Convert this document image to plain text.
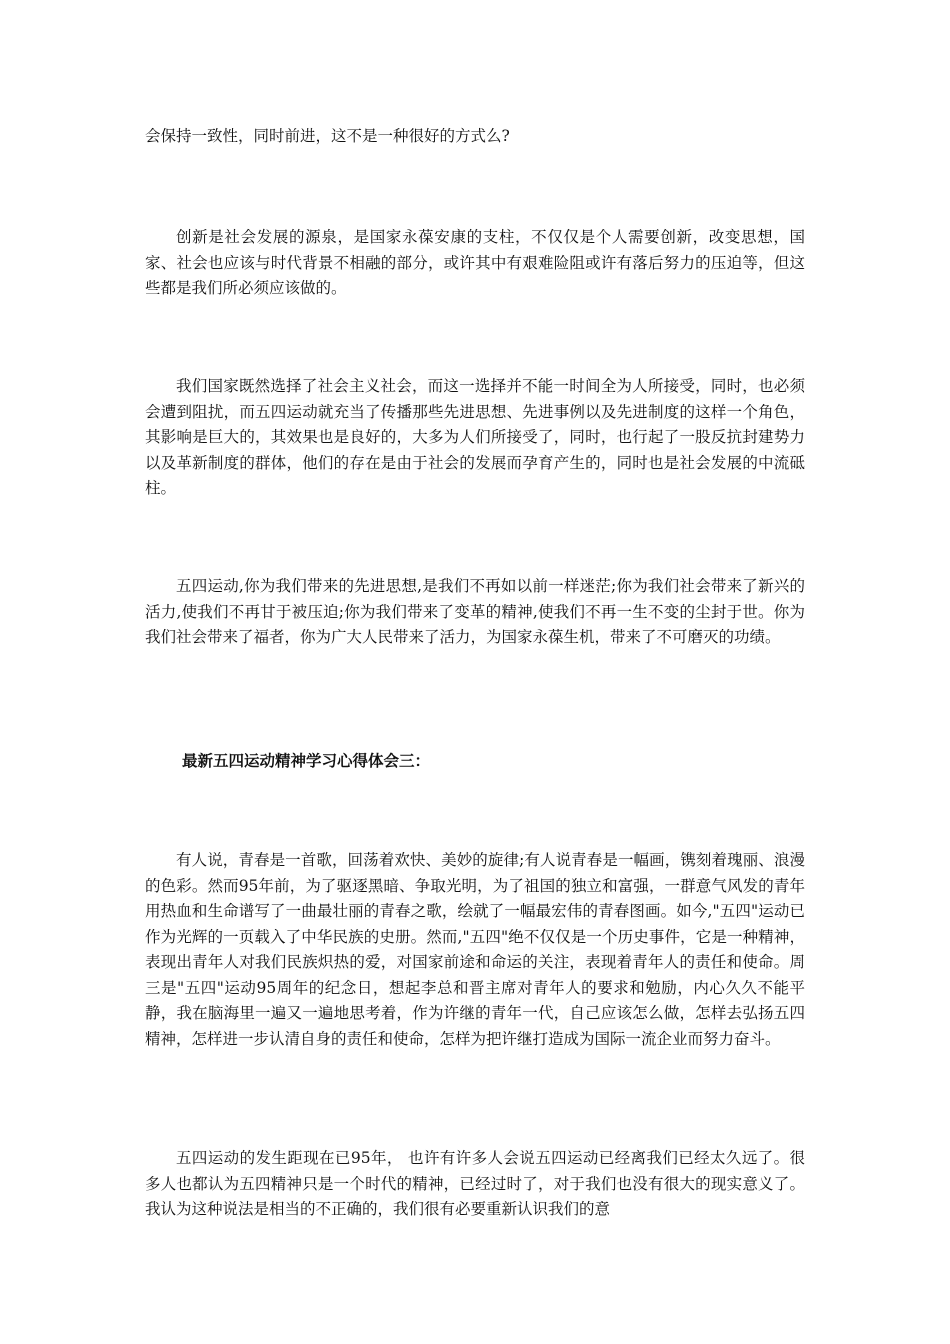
会保持一致性，同时前进，这不是一种很好的方式么?

创新是社会发展的源泉，是国家永葆安康的支柱，不仅仅是个人需要创新，改变思想，国家、社会也应该与时代背景不相融的部分，或许其中有艰难险阻或许有落后努力的压迫等，但这些都是我们所必须应该做的。

我们国家既然选择了社会主义社会，而这一选择并不能一时间全为人所接受，同时，也必须会遭到阻扰，而五四运动就充当了传播那些先进思想、先进事例以及先进制度的这样一个角色，其影响是巨大的，其效果也是良好的，大多为人们所接受了，同时，也行起了一股反抗封建势力以及革新制度的群体，他们的存在是由于社会的发展而孕育产生的，同时也是社会发展的中流砥柱。

五四运动,你为我们带来的先进思想,是我们不再如以前一样迷茫;你为我们社会带来了新兴的活力,使我们不再甘于被压迫;你为我们带来了变革的精神,使我们不再一生不变的尘封于世。你为我们社会带来了福者，你为广大人民带来了活力，为国家永葆生机，带来了不可磨灭的功绩。

最新五四运动精神学习心得体会三：

有人说，青春是一首歌，回荡着欢快、美妙的旋律;有人说青春是一幅画，镌刻着瑰丽、浪漫的色彩。然而95年前，为了驱逐黑暗、争取光明，为了祖国的独立和富强，一群意气风发的青年用热血和生命谱写了一曲最壮丽的青春之歌，绘就了一幅最宏伟的青春图画。如今,"五四"运动已作为光辉的一页载入了中华民族的史册。然而,"五四"绝不仅仅是一个历史事件，它是一种精神，表现出青年人对我们民族炽热的爱，对国家前途和命运的关注，表现着青年人的责任和使命。周三是"五四"运动95周年的纪念日，想起李总和晋主席对青年人的要求和勉励，内心久久不能平静，我在脑海里一遍又一遍地思考着，作为许继的青年一代，自己应该怎么做，怎样去弘扬五四精神，怎样进一步认清自身的责任和使命，怎样为把许继打造成为国际一流企业而努力奋斗。

五四运动的发生距现在已95年， 也许有许多人会说五四运动已经离我们已经太久远了。很多人也都认为五四精神只是一个时代的精神，已经过时了，对于我们也没有很大的现实意义了。我认为这种说法是相当的不正确的，我们很有必要重新认识我们的意
